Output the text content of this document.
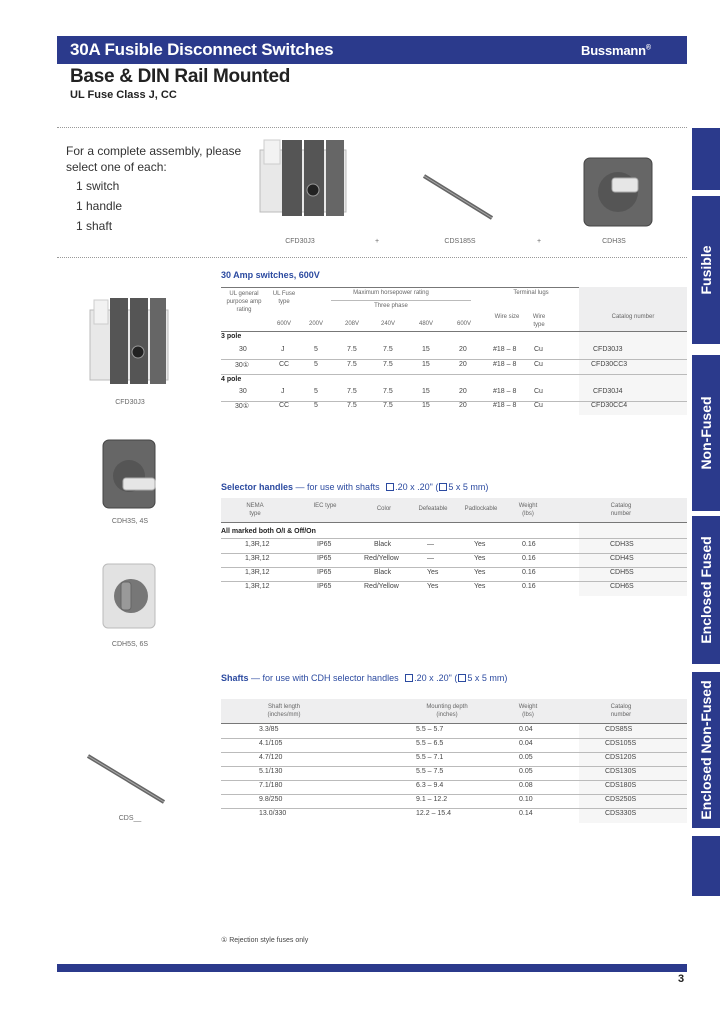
30A Fusible Disconnect Switches	Bussmann®
Base & DIN Rail Mounted
UL Fuse Class J, CC
Fusible
Non-Fused
Enclosed Fused
Enclosed Non-Fused
For a complete assembly, please
select one of each:
1 switch
1 handle
1 shaft
CFD30J3	+	CDS185S	+	CDH3S
CFD30J3
CDH3S, 4S
CDH5S, 6S
CDS__
30 Amp switches, 600V
UL general purpose amp rating
UL Fuse type
600V
Maximum horsepower rating	Terminal lugs
Three phase
Catalog number
200V	208V	240V	480V	600V
Wire size	Wire type
3 pole
30	J	5	7.5	7.5	15	20	#18 – 8	Cu	CFD30J3
30①	CC	5	7.5	7.5	15	20	#18 – 8	Cu	CFD30CC3
4 pole
30	J	5	7.5	7.5	15	20	#18 – 8	Cu	CFD30J4
30①	CC	5	7.5	7.5	15	20	#18 – 8	Cu	CFD30CC4
Selector handles — for use with shafts .20 x .20" ( 5 x 5 mm)
NEMA type
IEC type	Color	Defeatable	Padlockable	Weight (lbs)
Catalog number
All marked both O/I & Off/On
1,3R,12	IP65	Black	—	Yes	0.16	CDH3S
1,3R,12	IP65	Red/Yellow	—	Yes	0.16	CDH4S
1,3R,12	IP65	Black	Yes	Yes	0.16	CDH5S
1,3R,12	IP65	Red/Yellow	Yes	Yes	0.16	CDH6S
Shafts — for use with CDH selector handles .20 x .20" ( 5 x 5 mm)
Shaft length (inches/mm)
Mounting depth (inches)
Weight (lbs)
Catalog number
3.3/85	5.5 – 5.7	0.04	CDS85S
4.1/105	5.5 – 6.5	0.04	CDS105S
4.7/120	5.5 – 7.1	0.05	CDS120S
5.1/130	5.5 – 7.5	0.05	CDS130S
7.1/180	6.3 – 9.4	0.08	CDS180S
9.8/250	9.1 – 12.2	0.10	CDS250S
13.0/330	12.2 – 15.4	0.14	CDS330S
① Rejection style fuses only
3
